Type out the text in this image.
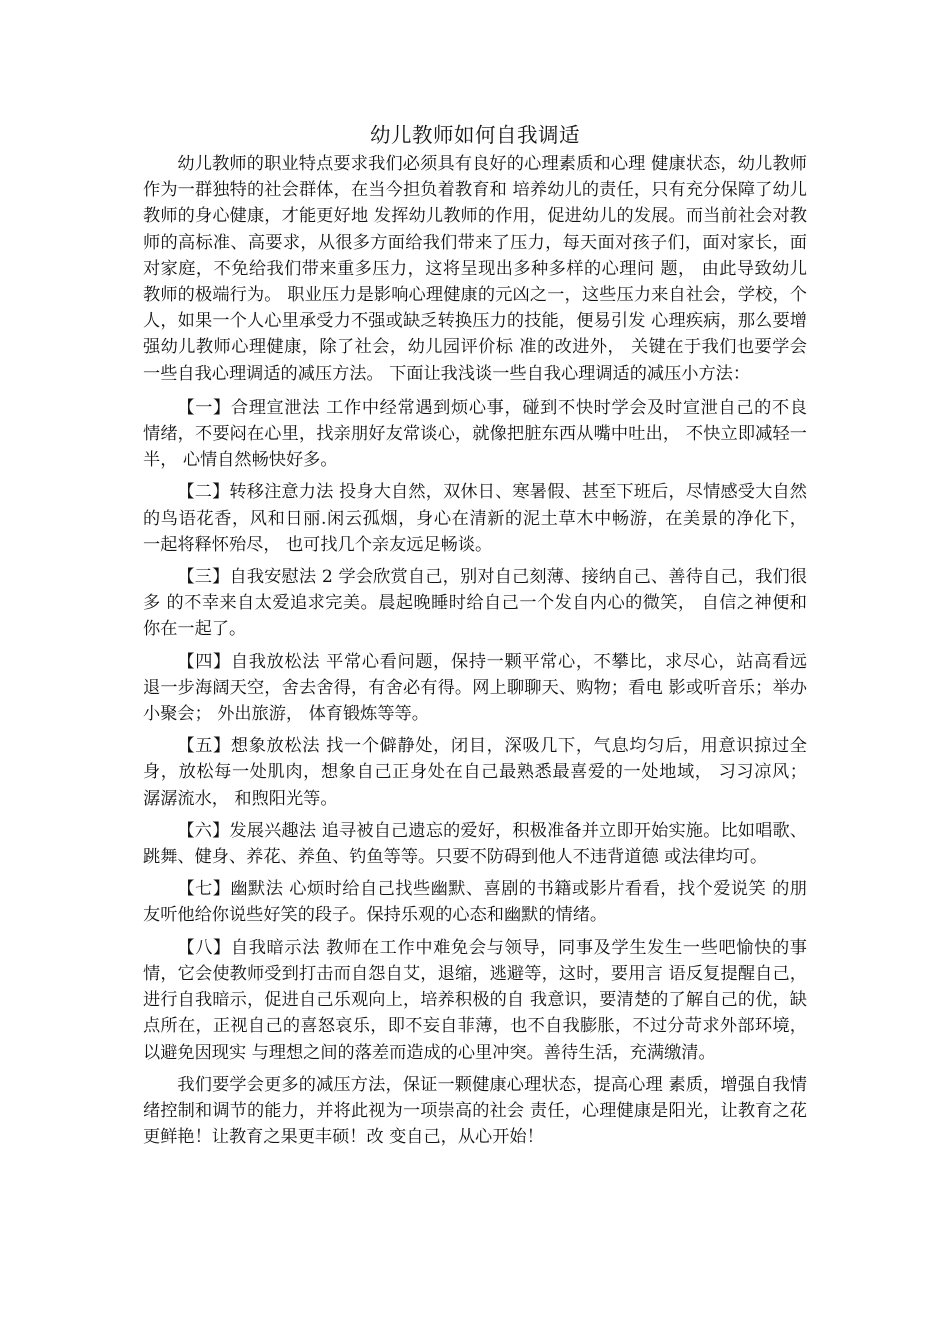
幼儿教师如何自我调适

幼儿教师的职业特点要求我们必须具有良好的心理素质和心理 健康状态，幼儿教师作为一群独特的社会群体，在当今担负着教育和 培养幼儿的责任，只有充分保障了幼儿教师的身心健康，才能更好地 发挥幼儿教师的作用，促进幼儿的发展。而当前社会对教师的高标准、高要求，从很多方面给我们带来了压力，每天面对孩子们，面对家长，面对家庭，不免给我们带来重多压力，这将呈现出多种多样的心理问 题， 由此导致幼儿教师的极端行为。 职业压力是影响心理健康的元凶之一，这些压力来自社会，学校，个人，如果一个人心里承受力不强或缺乏转换压力的技能，便易引发 心理疾病，那么要增强幼儿教师心理健康，除了社会，幼儿园评价标 准的改进外， 关键在于我们也要学会一些自我心理调适的减压方法。 下面让我浅谈一些自我心理调适的减压小方法：

【一】合理宣泄法 工作中经常遇到烦心事，碰到不快时学会及时宣泄自己的不良 情绪，不要闷在心里，找亲朋好友常谈心，就像把脏东西从嘴中吐出， 不快立即减轻一半， 心情自然畅快好多。

【二】转移注意力法 投身大自然，双休日、寒暑假、甚至下班后，尽情感受大自然 的鸟语花香，风和日丽.闲云孤烟，身心在清新的泥土草木中畅游，在美景的净化下， 一起将释怀殆尽， 也可找几个亲友远足畅谈。

【三】自我安慰法 2 学会欣赏自己，别对自己刻薄、接纳自己、善待自己，我们很多 的不幸来自太爱追求完美。晨起晚睡时给自己一个发自内心的微笑， 自信之神便和你在一起了。

【四】自我放松法 平常心看问题，保持一颗平常心，不攀比，求尽心，站高看远 退一步海阔天空，舍去舍得，有舍必有得。网上聊聊天、购物；看电 影或听音乐；举办小聚会； 外出旅游， 体育锻炼等等。

【五】想象放松法 找一个僻静处，闭目，深吸几下，气息均匀后，用意识掠过全身，放松每一处肌肉，想象自己正身处在自己最熟悉最喜爱的一处地域， 习习凉风； 潺潺流水， 和煦阳光等。

【六】发展兴趣法 追寻被自己遗忘的爱好，积极准备并立即开始实施。比如唱歌、跳舞、健身、养花、养鱼、钓鱼等等。只要不防碍到他人不违背道德 或法律均可。

【七】幽默法 心烦时给自己找些幽默、喜剧的书籍或影片看看，找个爱说笑 的朋友听他给你说些好笑的段子。保持乐观的心态和幽默的情绪。

【八】自我暗示法 教师在工作中难免会与领导，同事及学生发生一些吧愉快的事 情，它会使教师受到打击而自怨自艾，退缩，逃避等，这时，要用言 语反复提醒自己，进行自我暗示，促进自己乐观向上，培养积极的自 我意识，要清楚的了解自己的优，缺点所在，正视自己的喜怒哀乐，即不妄自菲薄，也不自我膨胀，不过分苛求外部环境，以避免因现实 与理想之间的落差而造成的心里冲突。善待生活，充满缴清。

我们要学会更多的减压方法，保证一颗健康心理状态，提高心理 素质，增强自我情绪控制和调节的能力，并将此视为一项崇高的社会 责任，心理健康是阳光，让教育之花更鲜艳！让教育之果更丰硕！改 变自己，从心开始！
